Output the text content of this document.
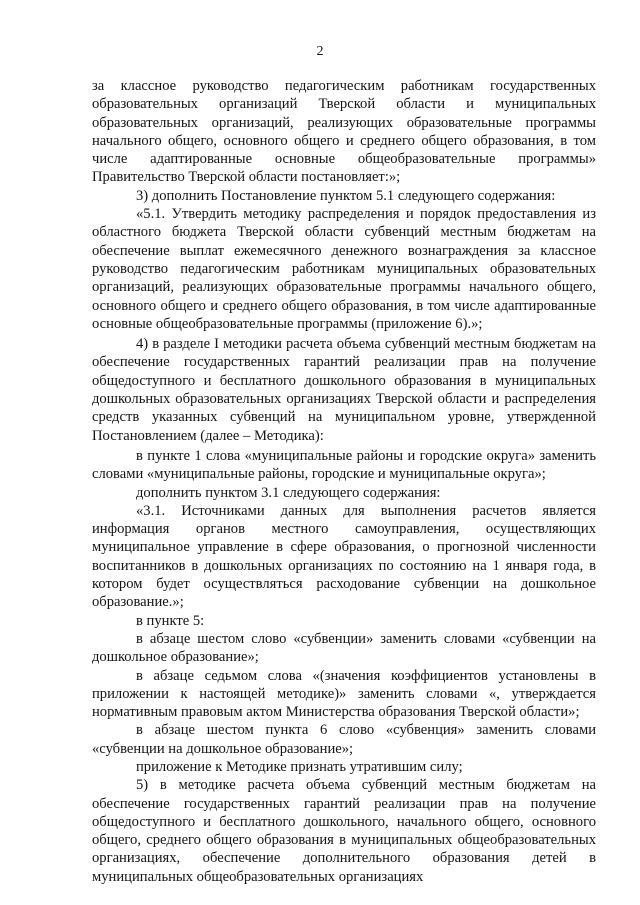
2

за классное руководство педагогическим работникам государственных образовательных организаций Тверской области и муниципальных образовательных организаций, реализующих образовательные программы начального общего, основного общего и среднего общего образования, в том числе адаптированные основные общеобразовательные программы» Правительство Тверской области постановляет:»;

3) дополнить Постановление пунктом 5.1 следующего содержания:

«5.1. Утвердить методику распределения и порядок предоставления из областного бюджета Тверской области субвенций местным бюджетам на обеспечение выплат ежемесячного денежного вознаграждения за классное руководство педагогическим работникам муниципальных образовательных организаций, реализующих образовательные программы начального общего, основного общего и среднего общего образования, в том числе адаптированные основные общеобразовательные программы (приложение 6).»;

4) в разделе I методики расчета объема субвенций местным бюджетам на обеспечение государственных гарантий реализации прав на получение общедоступного и бесплатного дошкольного образования в муниципальных дошкольных образовательных организациях Тверской области и распределения средств указанных субвенций на муниципальном уровне, утвержденной Постановлением (далее – Методика):

в пункте 1 слова «муниципальные районы и городские округа» заменить словами «муниципальные районы, городские и муниципальные округа»;

дополнить пунктом 3.1 следующего содержания:

«3.1. Источниками данных для выполнения расчетов является информация органов местного самоуправления, осуществляющих муниципальное управление в сфере образования, о прогнозной численности воспитанников в дошкольных организациях по состоянию на 1 января года, в котором будет осуществляться расходование субвенции на дошкольное образование.»;

в пункте 5:

в абзаце шестом слово «субвенции» заменить словами «субвенции на дошкольное образование»;

в абзаце седьмом слова «(значения коэффициентов установлены в приложении к настоящей методике)» заменить словами «, утверждается нормативным правовым актом Министерства образования Тверской области»;

в абзаце шестом пункта 6 слово «субвенция» заменить словами «субвенции на дошкольное образование»;

приложение к Методике признать утратившим силу;

5) в методике расчета объема субвенций местным бюджетам на обеспечение государственных гарантий реализации прав на получение общедоступного и бесплатного дошкольного, начального общего, основного общего, среднего общего образования в муниципальных общеобразовательных организациях, обеспечение дополнительного образования детей в муниципальных общеобразовательных организациях
